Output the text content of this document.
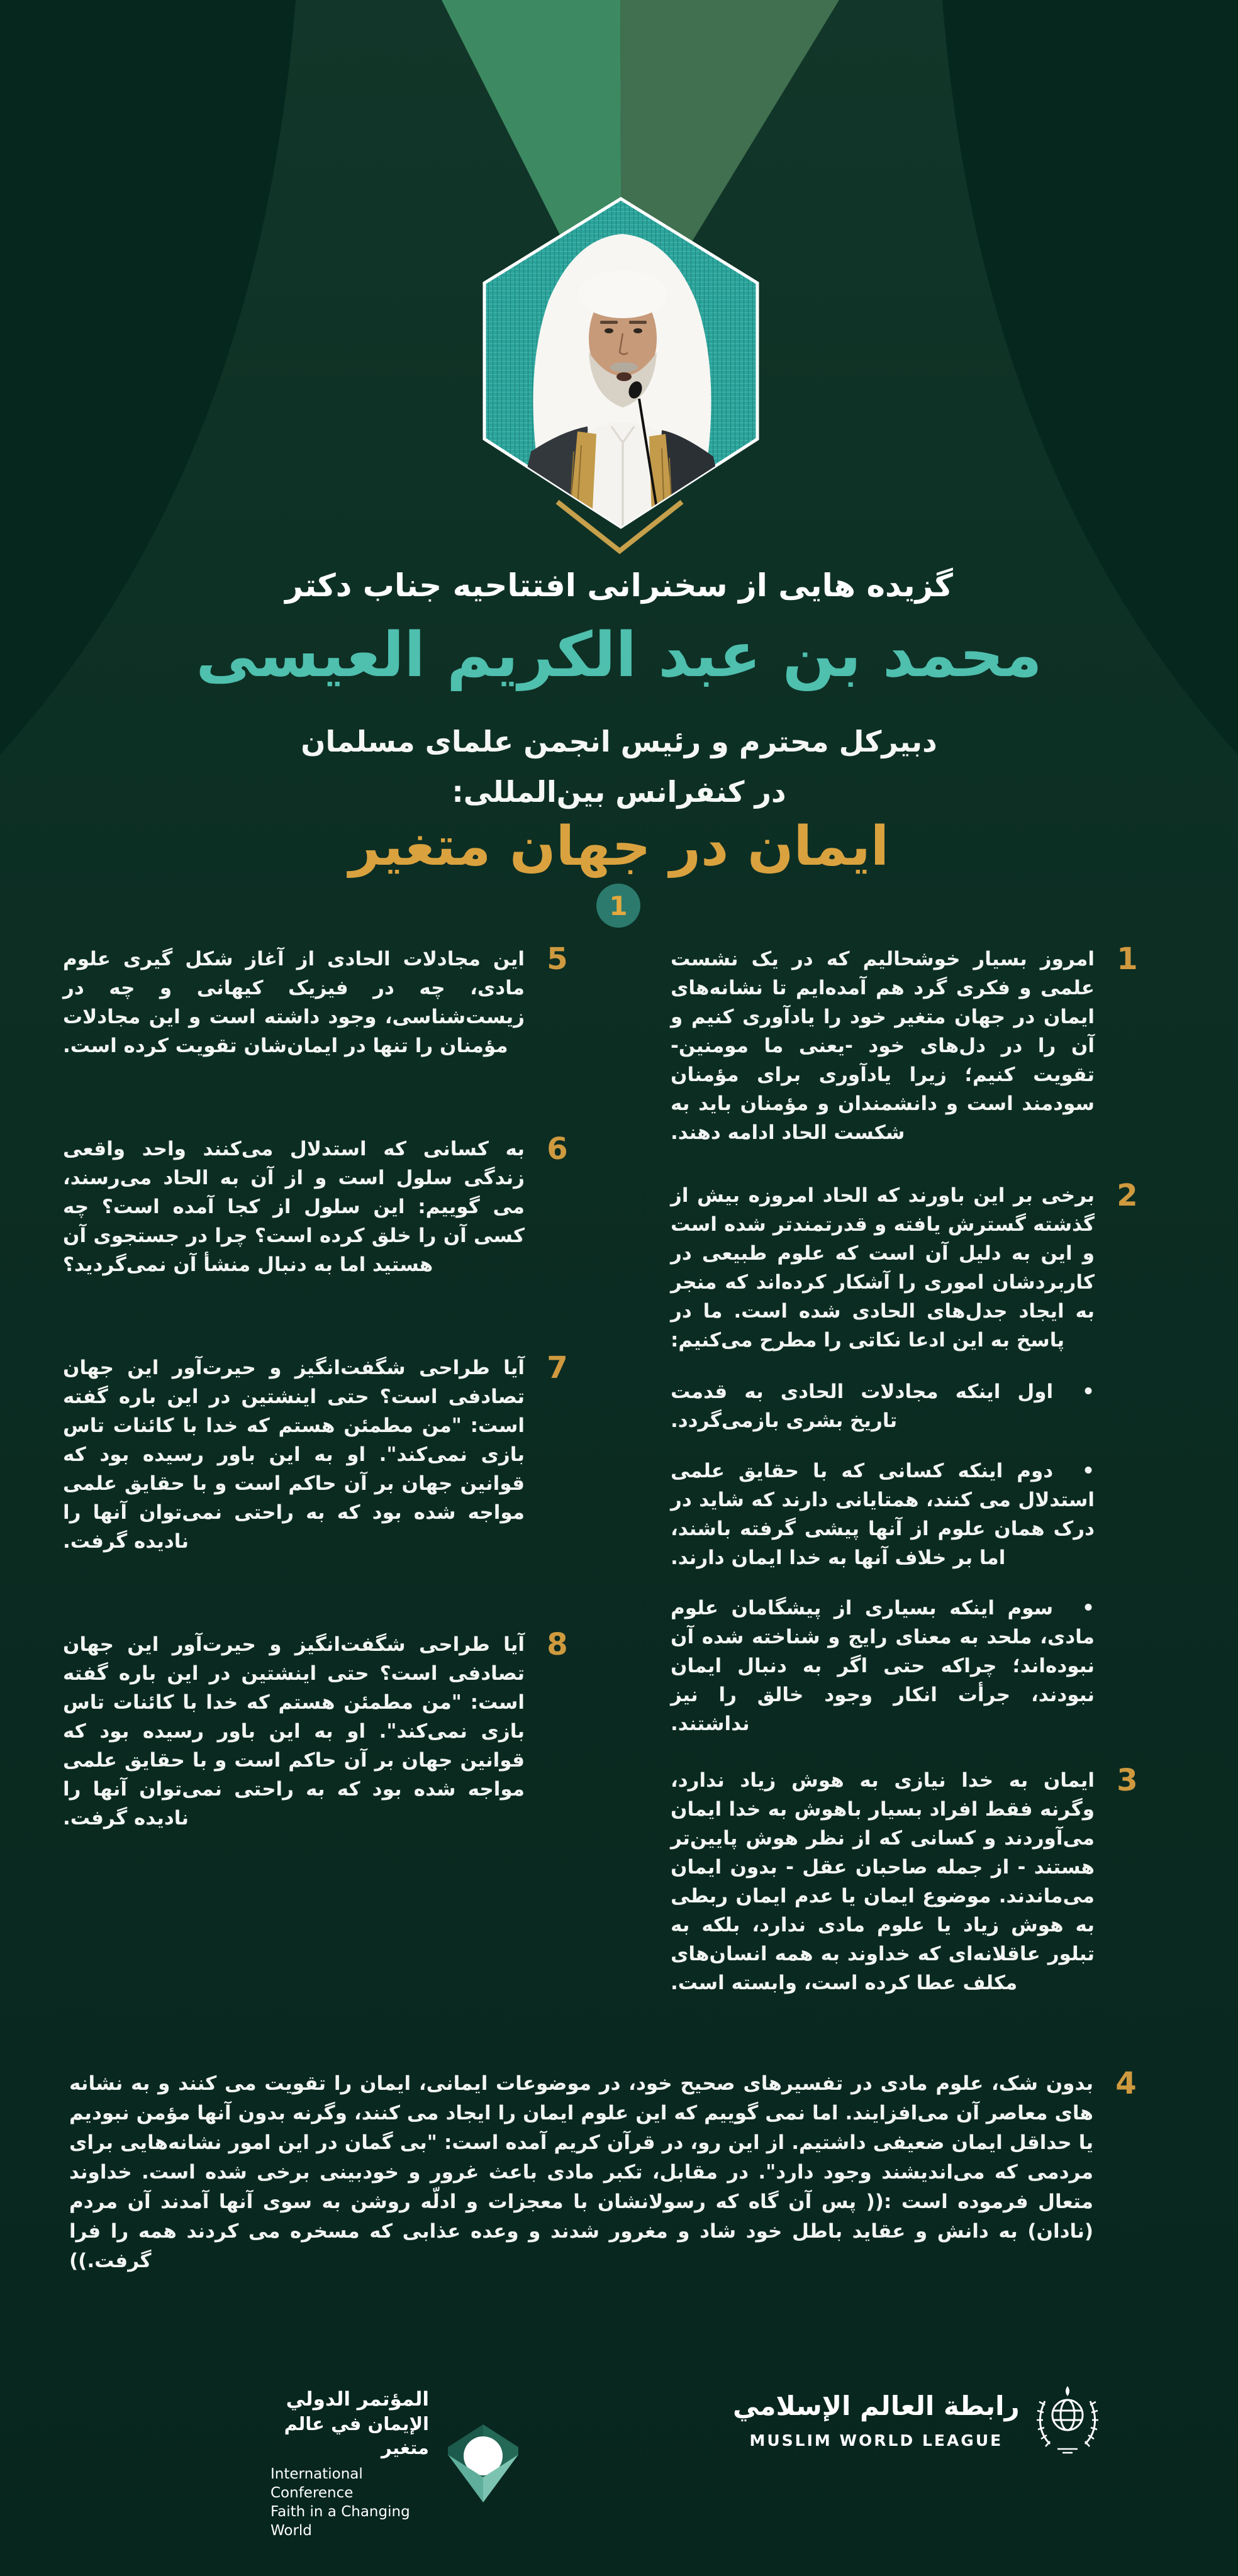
گزیده هایی از سخنرانی افتتاحیه جناب دکتر
محمد بن عبد الکریم العیسی
دبیرکل محترم و رئیس انجمن علمای مسلمان
در کنفرانس بین‌المللی:
ایمان در جهان متغیر
1
1
امروز بسیار خوشحالیم که در یک نشست علمی و فکری گرد هم آمده‌ایم تا نشانه‌های ایمان در جهان متغیر خود را یادآوری کنیم و آن را در دل‌های خود -یعنی ما مومنین- تقویت کنیم؛ زیرا یادآوری برای مؤمنان سودمند است و دانشمندان و مؤمنان باید به شکست الحاد ادامه دهند.
2
برخی بر این باورند که الحاد امروزه بیش از گذشته گسترش یافته و قدرتمندتر شده است و این به دلیل آن است که علوم طبیعی در کاربردشان اموری را آشکار کرده‌اند که منجر به ایجاد جدل‌های الحادی شده است. ما در پاسخ به این ادعا نکاتی را مطرح می‌کنیم:
•اول اینکه مجادلات الحادی به قدمت تاریخ بشری بازمی‌گردد.
•دوم اینکه کسانی که با حقایق علمی استدلال می کنند، همتایانی دارند که شاید در درک همان علوم از آنها پیشی گرفته باشند، اما بر خلاف آنها به خدا ایمان دارند.
•سوم اینکه بسیاری از پیشگامان علوم مادی، ملحد به معنای رایج و شناخته شده آن نبوده‌اند؛ چراکه حتی اگر به دنبال ایمان نبودند، جرأت انکار وجود خالق را نیز نداشتند.
3
ایمان به خدا نیازی به هوش زیاد ندارد، وگرنه فقط افراد بسیار باهوش به خدا ایمان می‌آوردند و کسانی که از نظر هوش پایین‌تر هستند - از جمله صاحبان عقل - بدون ایمان می‌ماندند. موضوع ایمان یا عدم ایمان ربطی به هوش زیاد یا علوم مادی ندارد، بلکه به تبلور عاقلانه‌ای که خداوند به همه انسان‌های مکلف عطا کرده است، وابسته است.
5
این مجادلات الحادی از آغاز شکل گیری علوم مادی، چه در فیزیک کیهانی و چه در زیست‌شناسی، وجود داشته است و این مجادلات مؤمنان را تنها در ایمان‌شان تقویت کرده است.
6
به کسانی که استدلال می‌کنند واحد واقعی زندگی سلول است و از آن به الحاد می‌رسند، می گوییم: این سلول از کجا آمده است؟ چه کسی آن را خلق کرده است؟ چرا در جستجوی آن هستید اما به دنبال منشأ آن نمی‌گردید؟
7
آیا طراحی شگفت‌انگیز و حیرت‌آور این جهان تصادفی است؟ حتی اینشتین در این باره گفته است: "من مطمئن هستم که خدا با کائنات تاس بازی نمی‌کند". او به این باور رسیده بود که قوانین جهان بر آن حاکم است و با حقایق علمی مواجه شده بود که به راحتی نمی‌توان آنها را نادیده گرفت.
8
آیا طراحی شگفت‌انگیز و حیرت‌آور این جهان تصادفی است؟ حتی اینشتین در این باره گفته است: "من مطمئن هستم که خدا با کائنات تاس بازی نمی‌کند". او به این باور رسیده بود که قوانین جهان بر آن حاکم است و با حقایق علمی مواجه شده بود که به راحتی نمی‌توان آنها را نادیده گرفت.
4
بدون شک، علوم مادی در تفسیرهای صحیح خود، در موضوعات ایمانی، ایمان را تقویت می کنند و به نشانه های معاصر آن می‌افزایند. اما نمی گوییم که این علوم ایمان را ایجاد می کنند، وگرنه بدون آنها مؤمن نبودیم یا حداقل ایمان ضعیفی داشتیم. از این رو، در قرآن کریم آمده است: "بی گمان در این امور نشانه‌هایی برای مردمی که می‌اندیشند وجود دارد". در مقابل، تکبر مادی باعث غرور و خودبینی برخی شده است. خداوند متعال فرموده است :(( پس آن گاه که رسولانشان با معجزات و ادلّه روشن به سوی آنها آمدند آن مردم (نادان) به دانش و عقاید باطل خود شاد و مغرور شدند و وعده عذابی که مسخره می کردند همه را فرا گرفت.))
المؤتمر الدولي
الإيمان في عالم متغير
International Conference
Faith in a Changing World
رابطة العالم الإسلامي
MUSLIM WORLD LEAGUE
